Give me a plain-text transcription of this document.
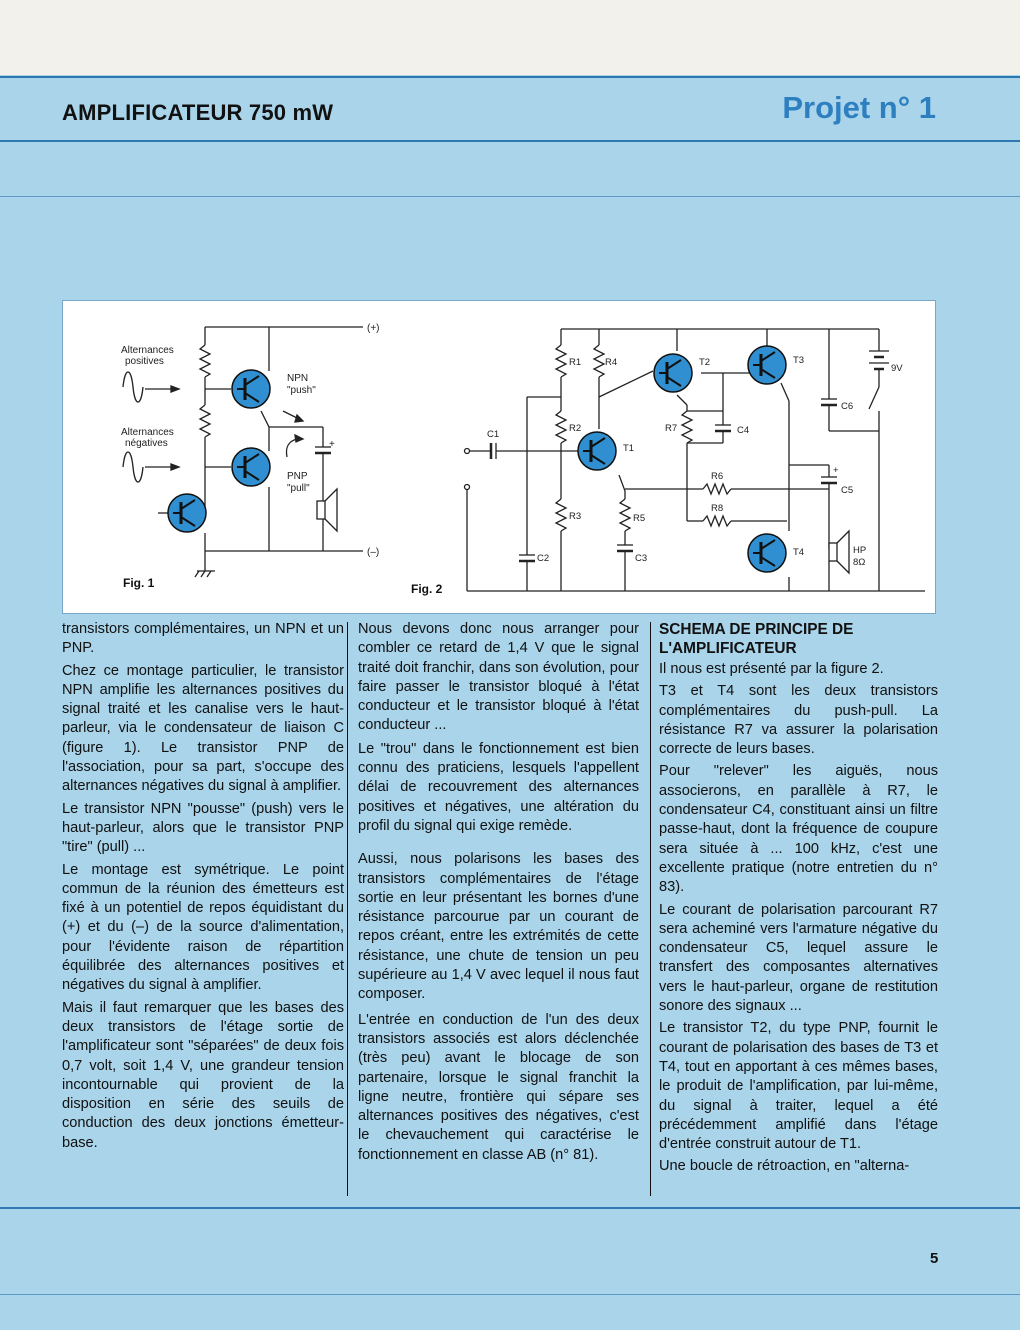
AMPLIFICATEUR 750 mW	Projet n° 1
Alternances
positives
Alternances
négatives
NPN
"push"
PNP
"pull"
(+)
(–)
+
Fig. 1
R1
R2
R3
R4
R5
R6
R7
R8
C1
C2	C3
C4
C5
C6
T1
T2	T3
T4
9V
HP
8Ω
+
Fig. 2

transistors complémentaires, un NPN et un PNP.

Chez ce montage particulier, le transistor NPN amplifie les alternances positives du signal traité et les canalise vers le haut-parleur, via le condensateur de liaison C (figure 1). Le transistor PNP de l'association, pour sa part, s'occupe des alternances négatives du signal à amplifier.

Le transistor NPN "pousse" (push) vers le haut-parleur, alors que le transistor PNP "tire" (pull) ...

Le montage est symétrique. Le point commun de la réunion des émetteurs est fixé à un potentiel de repos équidistant du (+) et du (–) de la source d'alimentation, pour l'évidente raison de répartition équilibrée des alternances positives et négatives du signal à amplifier.

Mais il faut remarquer que les bases des deux transistors de l'étage sortie de l'amplificateur sont "séparées" de deux fois 0,7 volt, soit 1,4 V, une grandeur tension incontournable qui provient de la disposition en série des seuils de conduction des deux jonctions émetteur-base.

Nous devons donc nous arranger pour combler ce retard de 1,4 V que le signal traité doit franchir, dans son évolution, pour faire passer le transistor bloqué à l'état conducteur et le transistor bloqué à l'état conducteur ...

Le "trou" dans le fonctionnement est bien connu des praticiens, lesquels l'appellent délai de recouvrement des alternances positives et négatives, une altération du profil du signal qui exige remède.

Aussi, nous polarisons les bases des transistors complémentaires de l'étage sortie en leur présentant les bornes d'une résistance parcourue par un courant de repos créant, entre les extrémités de cette résistance, une chute de tension un peu supérieure au 1,4 V avec lequel il nous faut composer.

L'entrée en conduction de l'un des deux transistors associés est alors déclenchée (très peu) avant le blocage de son partenaire, lorsque le signal franchit la ligne neutre, frontière qui sépare ses alternances positives des négatives, c'est le chevauchement qui caractérise le fonctionnement en classe AB (n° 81).

SCHEMA DE PRINCIPE DE L'AMPLIFICATEUR

Il nous est présenté par la figure 2.

T3 et T4 sont les deux transistors complémentaires du push-pull. La résistance R7 va assurer la polarisation correcte de leurs bases.

Pour "relever" les aiguës, nous associerons, en parallèle à R7, le condensateur C4, constituant ainsi un filtre passe-haut, dont la fréquence de coupure sera située à ... 100 kHz, c'est une excellente pratique (notre entretien du n° 83).

Le courant de polarisation parcourant R7 sera acheminé vers l'armature négative du condensateur C5, lequel assure le transfert des composantes alternatives vers le haut-parleur, organe de restitution sonore des signaux ...

Le transistor T2, du type PNP, fournit le courant de polarisation des bases de T3 et T4, tout en apportant à ces mêmes bases, le produit de l'amplification, par lui-même, du signal à traiter, lequel a été précédemment amplifié dans l'étage d'entrée construit autour de T1.

Une boucle de rétroaction, en "alterna-

5
